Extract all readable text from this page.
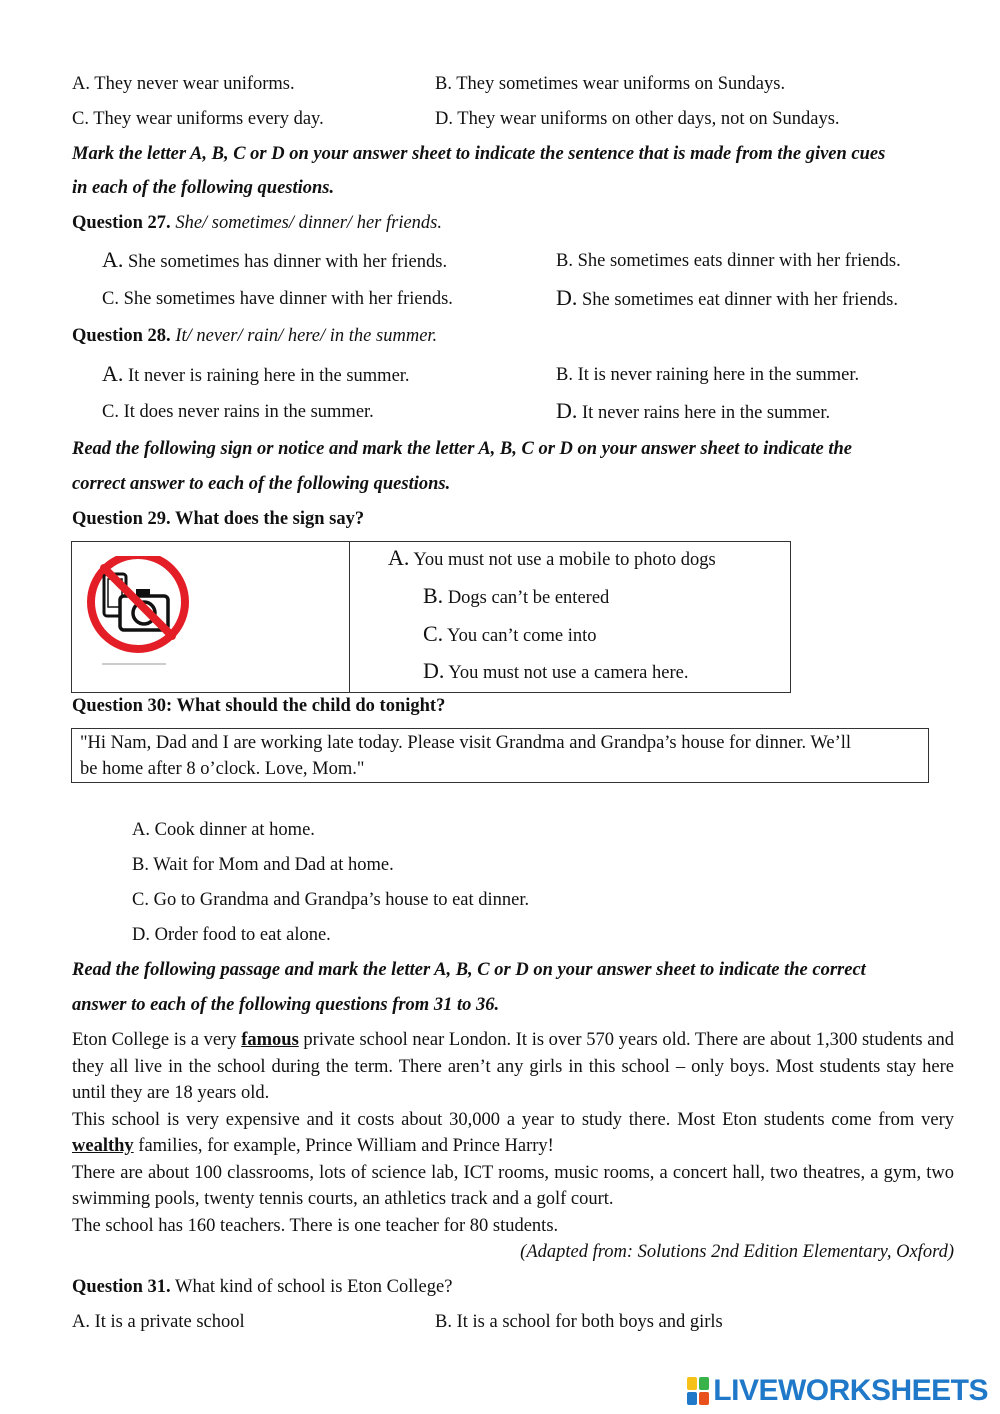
A. They never wear uniforms.	B. They sometimes wear uniforms on Sundays.
C. They wear uniforms every day.	D. They wear uniforms on other days, not on Sundays.
Mark the letter A, B, C or D on your answer sheet to indicate the sentence that is made from the given cues
in each of the following questions.
Question 27. She/ sometimes/ dinner/ her friends.
A. She sometimes has dinner with her friends.	B. She sometimes eats dinner with her friends.
C. She sometimes have dinner with her friends.	D. She sometimes eat dinner with her friends.
Question 28. It/ never/ rain/ here/ in the summer.
A. It never is raining here in the summer.	B. It is never raining here in the summer.
C. It does never rains in the summer.	D. It never rains here in the summer.
Read the following sign or notice and mark the letter A, B, C or D on your answer sheet to indicate the
correct answer to each of the following questions.
Question 29. What does the sign say?
A. You must not use a mobile to photo dogs
B. Dogs can’t be entered
C. You can’t come into
D. You must not use a camera here.
Question 30: What should the child do tonight?
"Hi Nam, Dad and I are working late today. Please visit Grandma and Grandpa’s house for dinner. We’ll
be home after 8 o’clock. Love, Mom."
A. Cook dinner at home.
B. Wait for Mom and Dad at home.
C. Go to Grandma and Grandpa’s house to eat dinner.
D. Order food to eat alone.
Read the following passage and mark the letter A, B, C or D on your answer sheet to indicate the correct
answer to each of the following questions from 31 to 36.
Eton College is a very famous private school near London. It is over 570 years old. There are about 1,300 students and they all live in the school during the term. There aren’t any girls in this school – only boys. Most students stay here until they are 18 years old.
This school is very expensive and it costs about 30,000 a year to study there. Most Eton students come from very wealthy families, for example, Prince William and Prince Harry!
There are about 100 classrooms, lots of science lab, ICT rooms, music rooms, a concert hall, two theatres, a gym, two swimming pools, twenty tennis courts, an athletics track and a golf court.
The school has 160 teachers. There is one teacher for 80 students.
(Adapted from: Solutions 2nd Edition Elementary, Oxford)
Question 31. What kind of school is Eton College?
A. It is a private school	B. It is a school for both boys and girls
LIVEWORKSHEETS
